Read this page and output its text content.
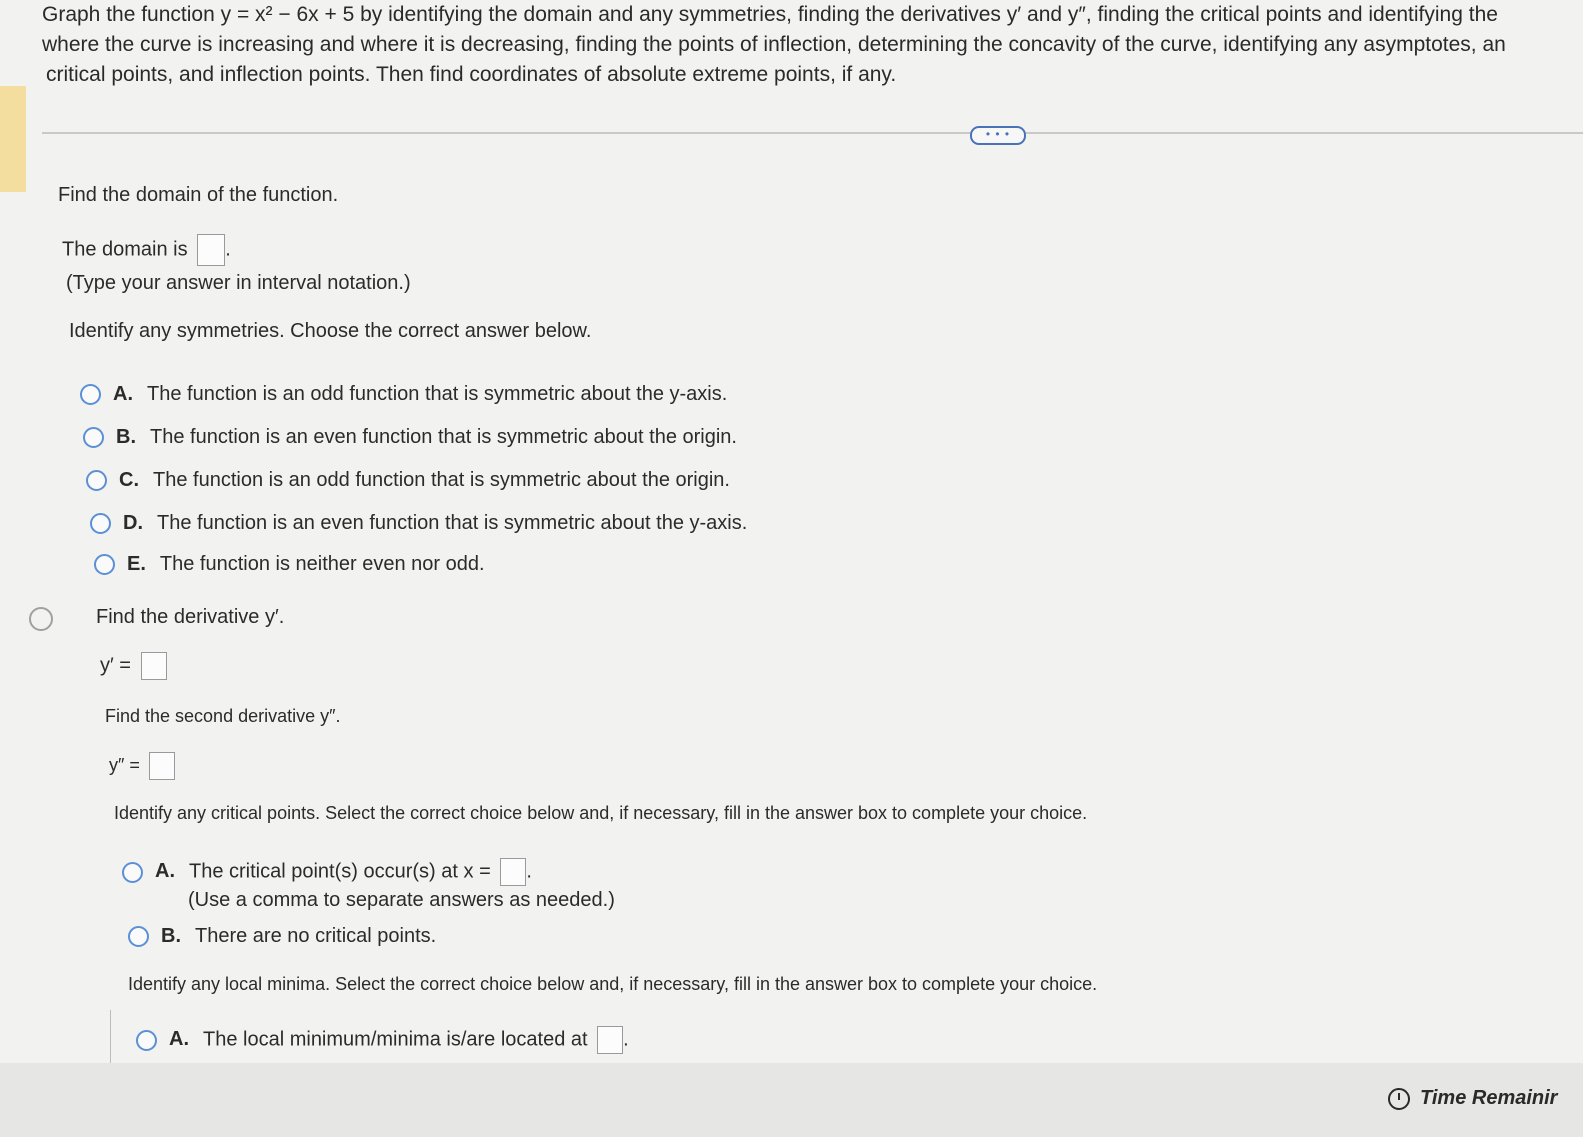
Graph the function y = x² − 6x + 5 by identifying the domain and any symmetries, finding the derivatives y′ and y″, finding the critical points and identifying the
where the curve is increasing and where it is decreasing, finding the points of inflection, determining the concavity of the curve, identifying any asymptotes, an
critical points, and inflection points. Then find coordinates of absolute extreme points, if any.
• • •
Find the domain of the function.
The domain is .
(Type your answer in interval notation.)
Identify any symmetries. Choose the correct answer below.
A. The function is an odd function that is symmetric about the y-axis.
B. The function is an even function that is symmetric about the origin.
C. The function is an odd function that is symmetric about the origin.
D. The function is an even function that is symmetric about the y-axis.
E. The function is neither even nor odd.
Find the derivative y′.
y′ =
Find the second derivative y″.
y″ =
Identify any critical points. Select the correct choice below and, if necessary, fill in the answer box to complete your choice.
A. The critical point(s) occur(s) at x = .
(Use a comma to separate answers as needed.)
B. There are no critical points.
Identify any local minima. Select the correct choice below and, if necessary, fill in the answer box to complete your choice.
A. The local minimum/minima is/are located at .
Time Remainir
